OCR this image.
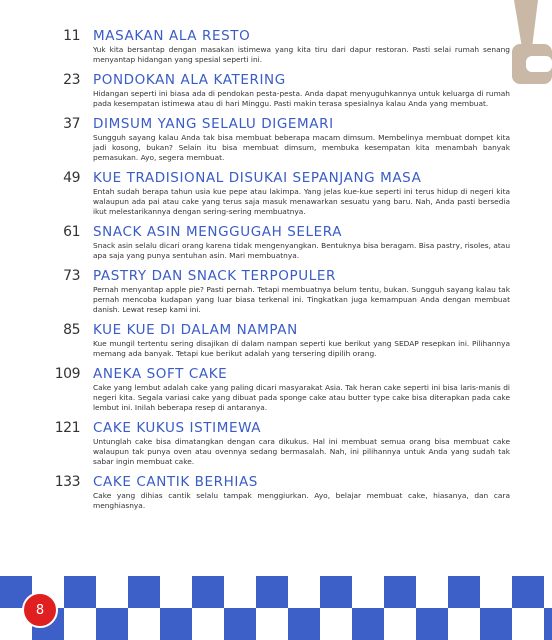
11 MASAKAN ALA RESTO

Yuk kita bersantap dengan masakan istimewa yang kita tiru dari dapur restoran. Pasti selai rumah senang menyantap hidangan yang spesial seperti ini.

23 PONDOKAN ALA KATERING

Hidangan seperti ini biasa ada di pendokan pesta-pesta. Anda dapat menyuguhkannya untuk keluarga di rumah pada kesempatan istimewa atau di hari Minggu. Pasti makin terasa spesialnya kalau Anda yang membuat.

37 DIMSUM YANG SELALU DIGEMARI

Sungguh sayang kalau Anda tak bisa membuat beberapa macam dimsum. Membelinya membuat dompet kita jadi kosong, bukan? Selain itu bisa membuat dimsum, membuka kesempatan kita menambah banyak pemasukan. Ayo, segera membuat.

49 KUE TRADISIONAL DISUKAI SEPANJANG MASA

Entah sudah berapa tahun usia kue pepe atau lakimpa. Yang jelas kue-kue seperti ini terus hidup di negeri kita walaupun ada pai atau cake yang terus saja masuk menawarkan sesuatu yang baru. Nah, Anda pasti bersedia ikut melestarikannya dengan sering-sering membuatnya.

61 SNACK ASIN MENGGUGAH SELERA

Snack asin selalu dicari orang karena tidak mengenyangkan. Bentuknya bisa beragam. Bisa pastry, risoles, atau apa saja yang punya sentuhan asin. Mari membuatnya.

73 PASTRY DAN SNACK TERPOPULER

Pernah menyantap apple pie? Pasti pernah. Tetapi membuatnya belum tentu, bukan. Sungguh sayang kalau tak pernah mencoba kudapan yang luar biasa terkenal ini. Tingkatkan juga kemampuan Anda dengan membuat danish. Lewat resep kami ini.

85 KUE KUE DI DALAM NAMPAN

Kue mungil tertentu sering disajikan di dalam nampan seperti kue berikut yang SEDAP resepkan ini. Pilihannya memang ada banyak. Tetapi kue berikut adalah yang tersering dipilih orang.

109 ANEKA SOFT CAKE

Cake yang lembut adalah cake yang paling dicari masyarakat Asia. Tak heran cake seperti ini bisa laris-manis di negeri kita. Segala variasi cake yang dibuat pada sponge cake atau butter type cake bisa diterapkan pada cake lembut ini. Inilah beberapa resep di antaranya.

121 CAKE KUKUS ISTIMEWA

Untunglah cake bisa dimatangkan dengan cara dikukus. Hal ini membuat semua orang bisa membuat cake walaupun tak punya oven atau ovennya sedang bermasalah. Nah, ini pilihannya untuk Anda yang sudah tak sabar ingin membuat cake.

133 CAKE CANTIK BERHIAS

Cake yang dihias cantik selalu tampak menggiurkan. Ayo, belajar membuat cake, hiasanya, dan cara menghiasnya.

8
